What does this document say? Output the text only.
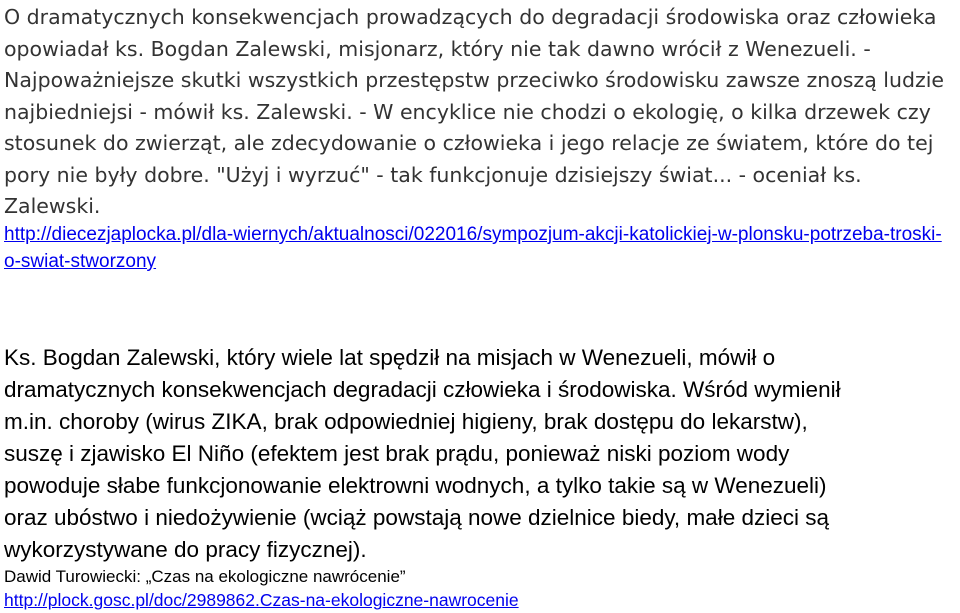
O dramatycznych konsekwencjach prowadzących do degradacji środowiska oraz człowieka opowiadał ks. Bogdan Zalewski, misjonarz, który nie tak dawno wrócił z Wenezueli. - Najpoważniejsze skutki wszystkich przestępstw przeciwko środowisku zawsze znoszą ludzie najbiedniejsi - mówił ks. Zalewski. - W encyklice nie chodzi o ekologię, o kilka drzewek czy stosunek do zwierząt, ale zdecydowanie o człowieka i jego relacje ze światem, które do tej pory nie były dobre. "Użyj i wyrzuć" - tak funkcjonuje dzisiejszy świat... - oceniał ks. Zalewski.

http://diecezjaplocka.pl/dla-wiernych/aktualnosci/022016/sympozjum-akcji-katolickiej-w-plonsku-potrzeba-troski-o-swiat-stworzony

Ks. Bogdan Zalewski, który wiele lat spędził na misjach w Wenezueli, mówił o
dramatycznych konsekwencjach degradacji człowieka i środowiska. Wśród wymienił
m.in. choroby (wirus ZIKA, brak odpowiedniej higieny, brak dostępu do lekarstw),
suszę i zjawisko El Niño (efektem jest brak prądu, ponieważ niski poziom wody
powoduje słabe funkcjonowanie elektrowni wodnych, a tylko takie są w Wenezueli)
oraz ubóstwo i niedożywienie (wciąż powstają nowe dzielnice biedy, małe dzieci są
wykorzystywane do pracy fizycznej).

Dawid Turowiecki: „Czas na ekologiczne nawrócenie”

http://plock.gosc.pl/doc/2989862.Czas-na-ekologiczne-nawrocenie
